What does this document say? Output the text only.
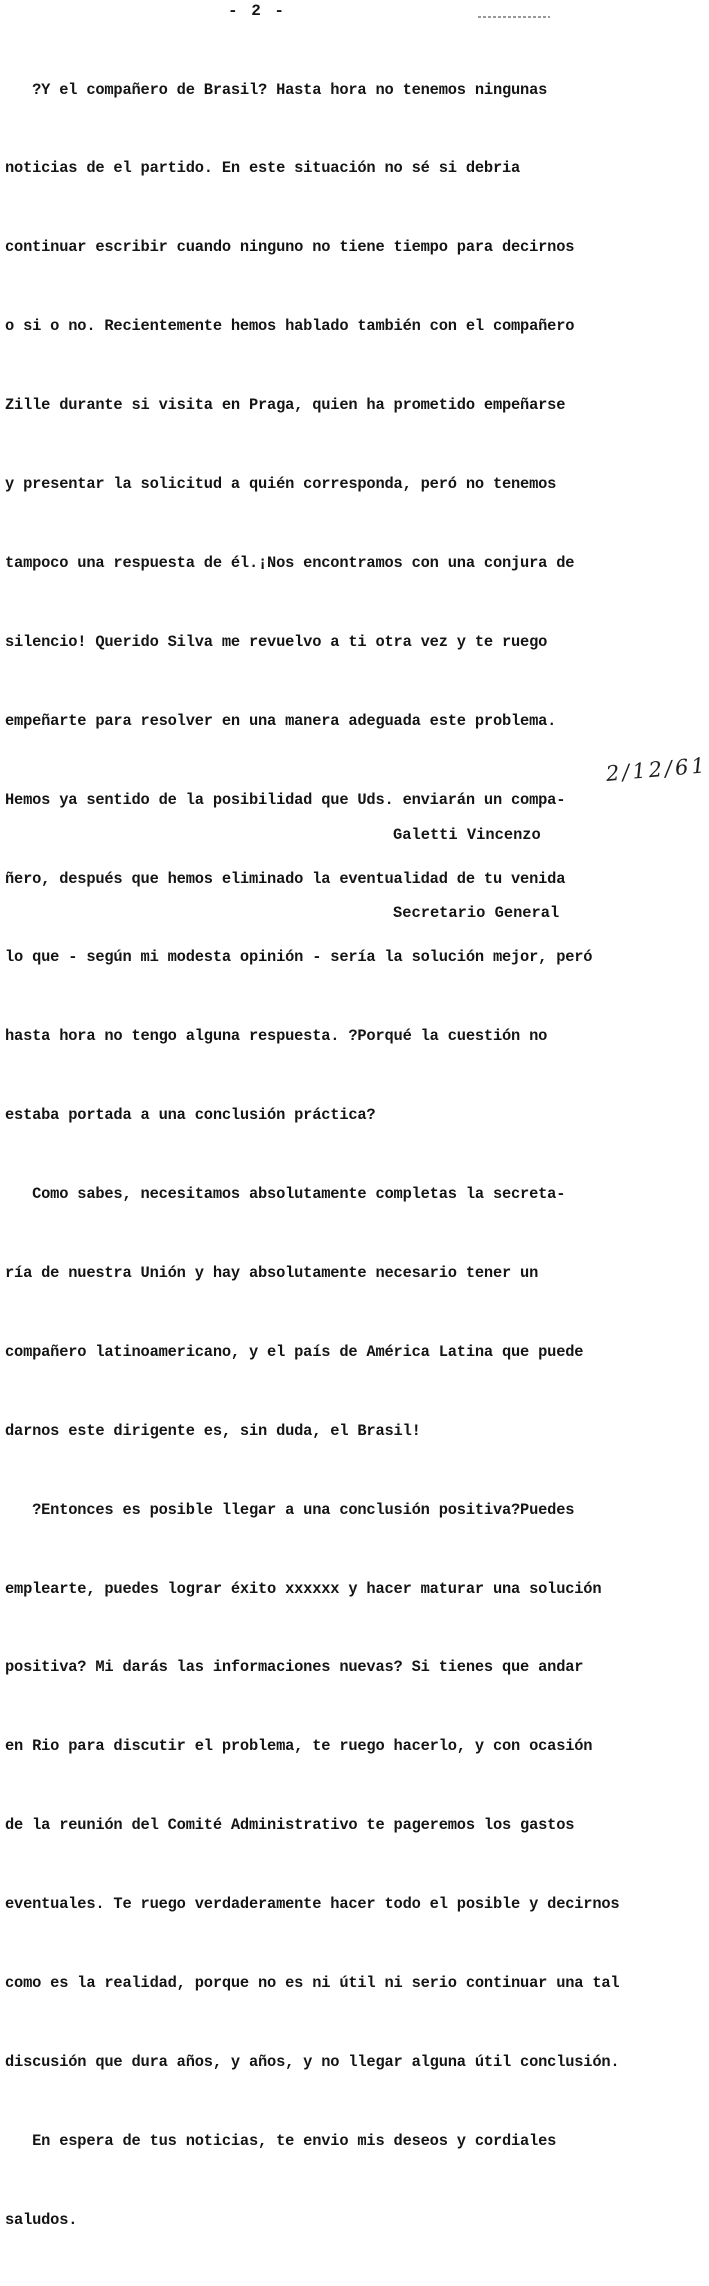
- 2 -

?Y el compañero de Brasil? Hasta hora no tenemos ningunas

noticias de el partido. En este situación no sé si debria

continuar escribir cuando ninguno no tiene tiempo para decirnos

o si o no. Recientemente hemos hablado también con el compañero

Zille durante si visita en Praga, quien ha prometido empeñarse

y presentar la solicitud a quién corresponda, peró no tenemos

tampoco una respuesta de él.¡Nos encontramos con una conjura de

silencio! Querido Silva me revuelvo a ti otra vez y te ruego

empeñarte para resolver en una manera adeguada este problema.

Hemos ya sentido de la posibilidad que Uds. enviarán un compa-

ñero, después que hemos eliminado la eventualidad de tu venida

lo que - según mi modesta opinión - sería la solución mejor, peró

hasta hora no tengo alguna respuesta. ?Porqué la cuestión no

estaba portada a una conclusión práctica?

Como sabes, necesitamos absolutamente completas la secreta-

ría de nuestra Unión y hay absolutamente necesario tener un

compañero latinoamericano, y el país de América Latina que puede

darnos este dirigente es, sin duda, el Brasil!

?Entonces es posible llegar a una conclusión positiva?Puedes

emplearte, puedes lograr éxito xxxxxx y hacer maturar una solución

positiva? Mi darás las informaciones nuevas? Si tienes que andar

en Rio para discutir el problema, te ruego hacerlo, y con ocasión

de la reunión del Comité Administrativo te pageremos los gastos

eventuales. Te ruego verdaderamente hacer todo el posible y decirnos

como es la realidad, porque no es ni útil ni serio continuar una tal

discusión que dura años, y años, y no llegar alguna útil conclusión.

En espera de tus noticias, te envio mis deseos y cordiales

saludos.

Galetti Vincenzo

Secretario General

2/12/61
